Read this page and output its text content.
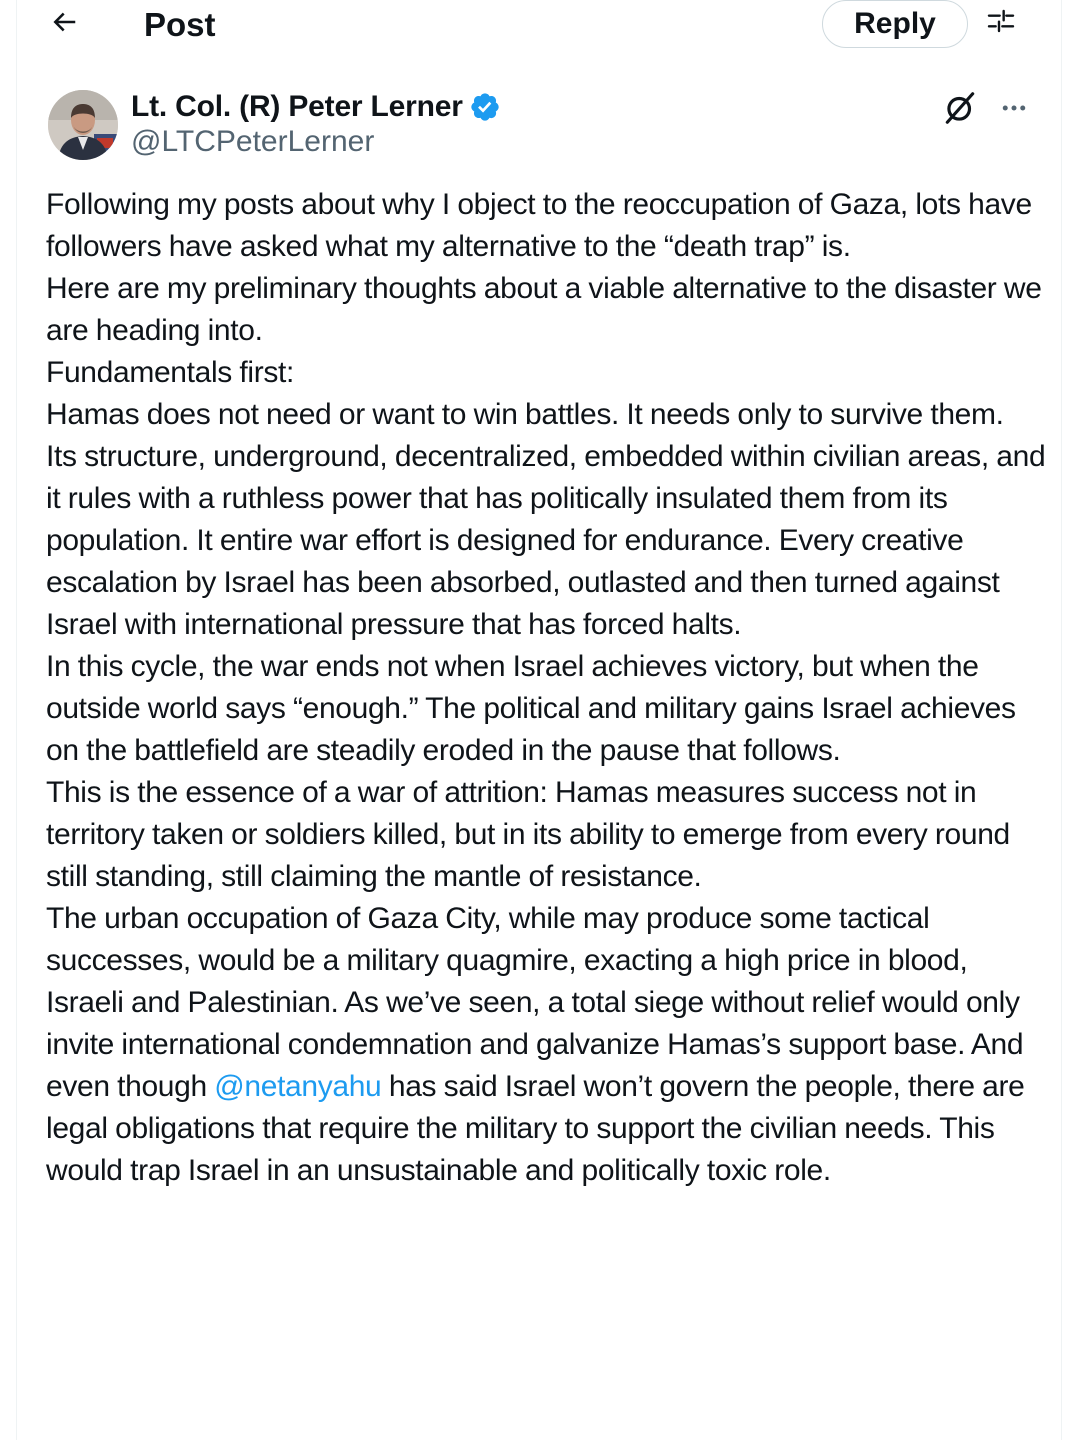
Post	Reply
Lt. Col. (R) Peter Lerner
@LTCPeterLerner

Following my posts about why I object to the reoccupation of Gaza, lots have followers have asked what my alternative to the “death trap” is.

Here are my preliminary thoughts about a viable alternative to the disaster we are heading into.

Fundamentals first:

Hamas does not need or want to win battles. It needs only to survive them.

Its structure, underground, decentralized, embedded within civilian areas, and it rules with a ruthless power that has politically insulated them from its population. It entire war effort is designed for endurance. Every creative escalation by Israel has been absorbed, outlasted and then turned against Israel with international pressure that has forced halts.

In this cycle, the war ends not when Israel achieves victory, but when the outside world says “enough.” The political and military gains Israel achieves on the battlefield are steadily eroded in the pause that follows.

This is the essence of a war of attrition: Hamas measures success not in territory taken or soldiers killed, but in its ability to emerge from every round still standing, still claiming the mantle of resistance.

The urban occupation of Gaza City, while may produce some tactical successes, would be a military quagmire, exacting a high price in blood, Israeli and Palestinian. As we’ve seen, a total siege without relief would only invite international condemnation and galvanize Hamas’s support base. And even though @netanyahu has said Israel won’t govern the people, there are legal obligations that require the military to support the civilian needs. This would trap Israel in an unsustainable and politically toxic role.
